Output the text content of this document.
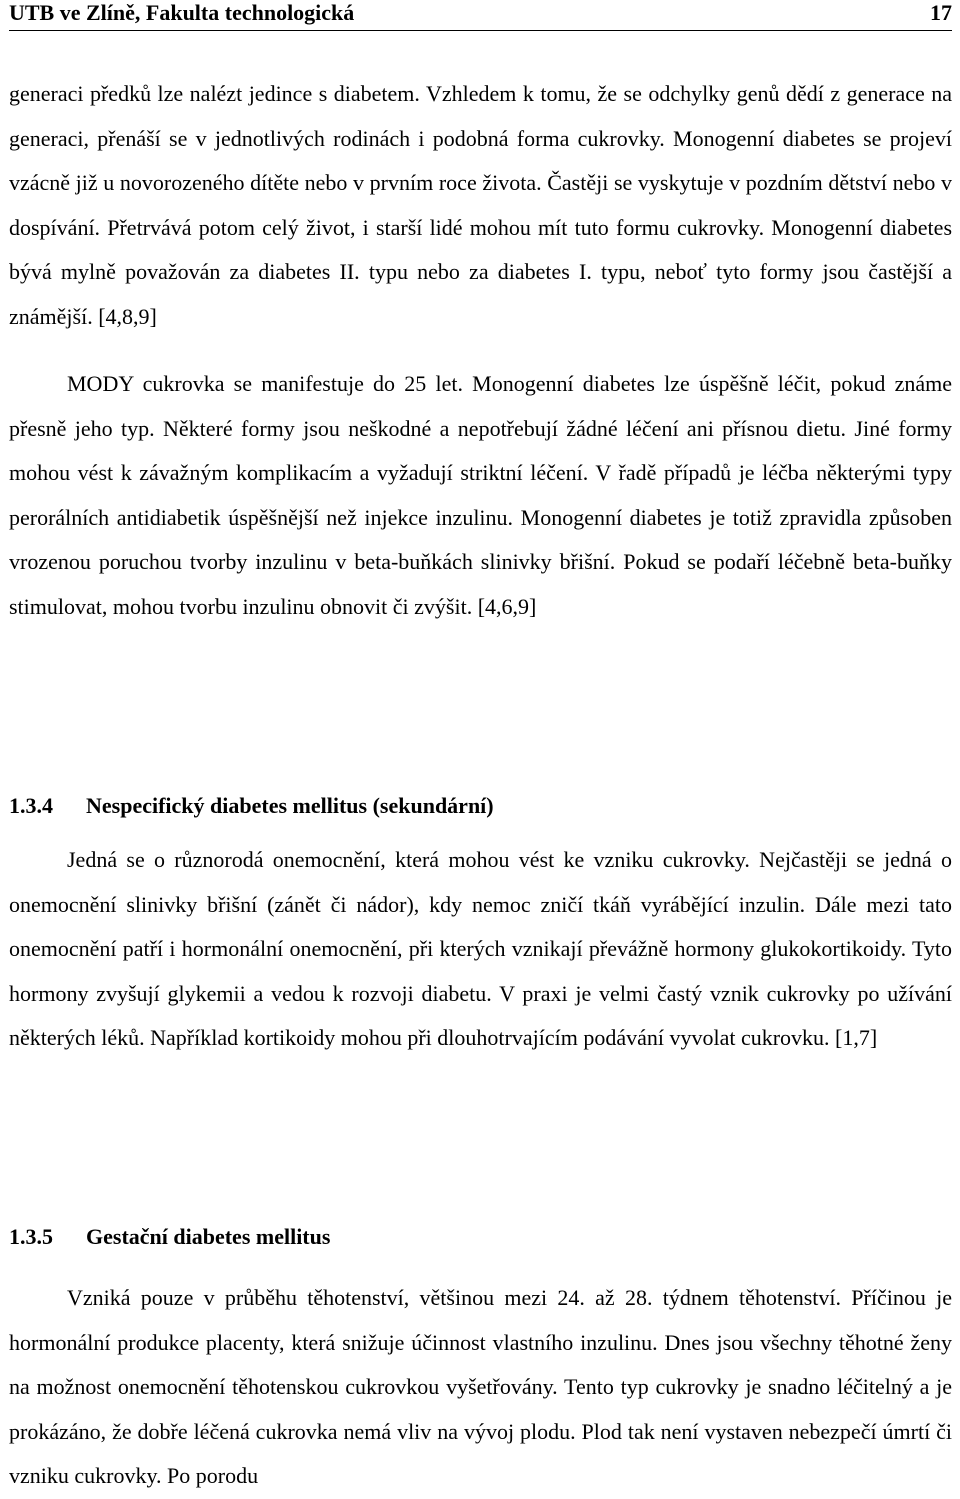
UTB ve Zlíně, Fakulta technologická	17

generaci předků lze nalézt jedince s diabetem. Vzhledem k tomu, že se odchylky genů dědí z generace na generaci, přenáší se v jednotlivých rodinách i podobná forma cukrovky. Monogenní diabetes se projeví vzácně již u novorozeného dítěte nebo v prvním roce života. Častěji se vyskytuje v pozdním dětství nebo v dospívání. Přetrvává potom celý život, i starší lidé mohou mít tuto formu cukrovky. Monogenní diabetes bývá mylně považován za diabetes II. typu nebo za diabetes I. typu, neboť tyto formy jsou častější a známější. [4,8,9]

MODY cukrovka se manifestuje do 25 let. Monogenní diabetes lze úspěšně léčit, pokud známe přesně jeho typ. Některé formy jsou neškodné a nepotřebují žádné léčení ani přísnou dietu. Jiné formy mohou vést k závažným komplikacím a vyžadují striktní léčení. V řadě případů je léčba některými typy perorálních antidiabetik úspěšnější než injekce inzulinu. Monogenní diabetes je totiž zpravidla způsoben vrozenou poruchou tvorby inzulinu v beta-buňkách slinivky břišní. Pokud se podaří léčebně beta-buňky stimulovat, mohou tvorbu inzulinu obnovit či zvýšit. [4,6,9]

1.3.4 Nespecifický diabetes mellitus (sekundární)

Jedná se o různorodá onemocnění, která mohou vést ke vzniku cukrovky. Nejčastěji se jedná o onemocnění slinivky břišní (zánět či nádor), kdy nemoc zničí tkáň vyrábějící inzulin. Dále mezi tato onemocnění patří i hormonální onemocnění, při kterých vznikají převážně hormony glukokortikoidy. Tyto hormony zvyšují glykemii a vedou k rozvoji diabetu. V praxi je velmi častý vznik cukrovky po užívání některých léků. Například kortikoidy mohou při dlouhotrvajícím podávání vyvolat cukrovku. [1,7]

1.3.5 Gestační diabetes mellitus

Vzniká pouze v průběhu těhotenství, většinou mezi 24. až 28. týdnem těhotenství. Příčinou je hormonální produkce placenty, která snižuje účinnost vlastního inzulinu. Dnes jsou všechny těhotné ženy na možnost onemocnění těhotenskou cukrovkou vyšetřovány. Tento typ cukrovky je snadno léčitelný a je prokázáno, že dobře léčená cukrovka nemá vliv na vývoj plodu. Plod tak není vystaven nebezpečí úmrtí či vzniku cukrovky. Po porodu
